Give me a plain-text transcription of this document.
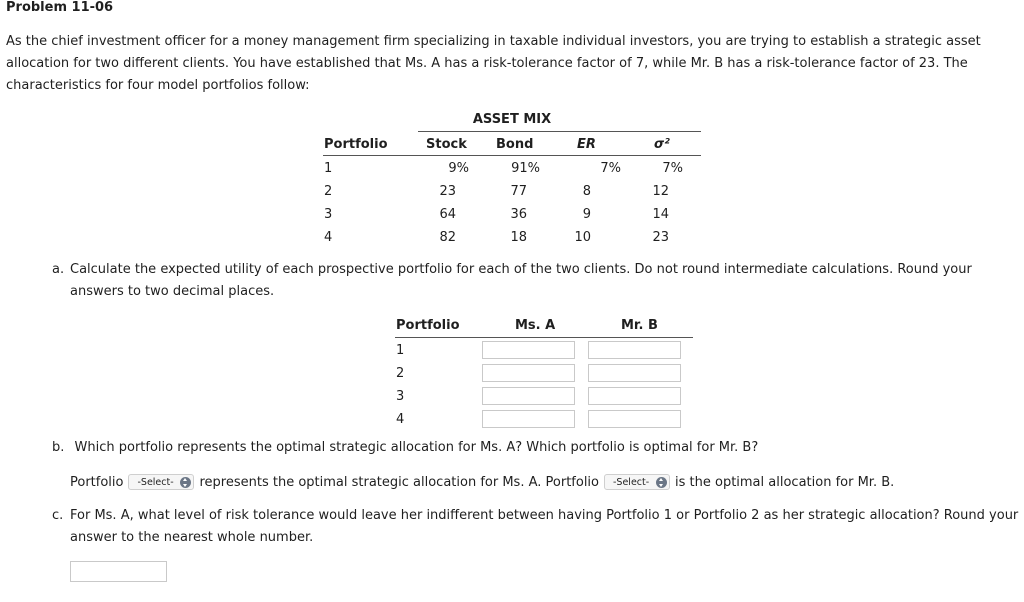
Problem 11-06
As the chief investment officer for a money management firm specializing in taxable individual investors, you are trying to establish a strategic asset allocation for two different clients. You have established that Ms. A has a risk-tolerance factor of 7, while Mr. B has a risk-tolerance factor of 23. The characteristics for four model portfolios follow:
ASSET MIX
Portfolio	Stock Bond	ER	σ²
1	9%	91%	7%	7%
2	23	77	8	12
3	64	36	9	14
4	82	18	10	23
a. Calculate the expected utility of each prospective portfolio for each of the two clients. Do not round intermediate calculations. Round your answers to two decimal places.
Portfolio	Ms. A	Mr. B
1
2
3
4
b. Which portfolio represents the optimal strategic allocation for Ms. A? Which portfolio is optimal for Mr. B?
Portfolio -Select- represents the optimal strategic allocation for Ms. A. Portfolio -Select- is the optimal allocation for Mr. B.
c. For Ms. A, what level of risk tolerance would leave her indifferent between having Portfolio 1 or Portfolio 2 as her strategic allocation? Round your answer to the nearest whole number.
